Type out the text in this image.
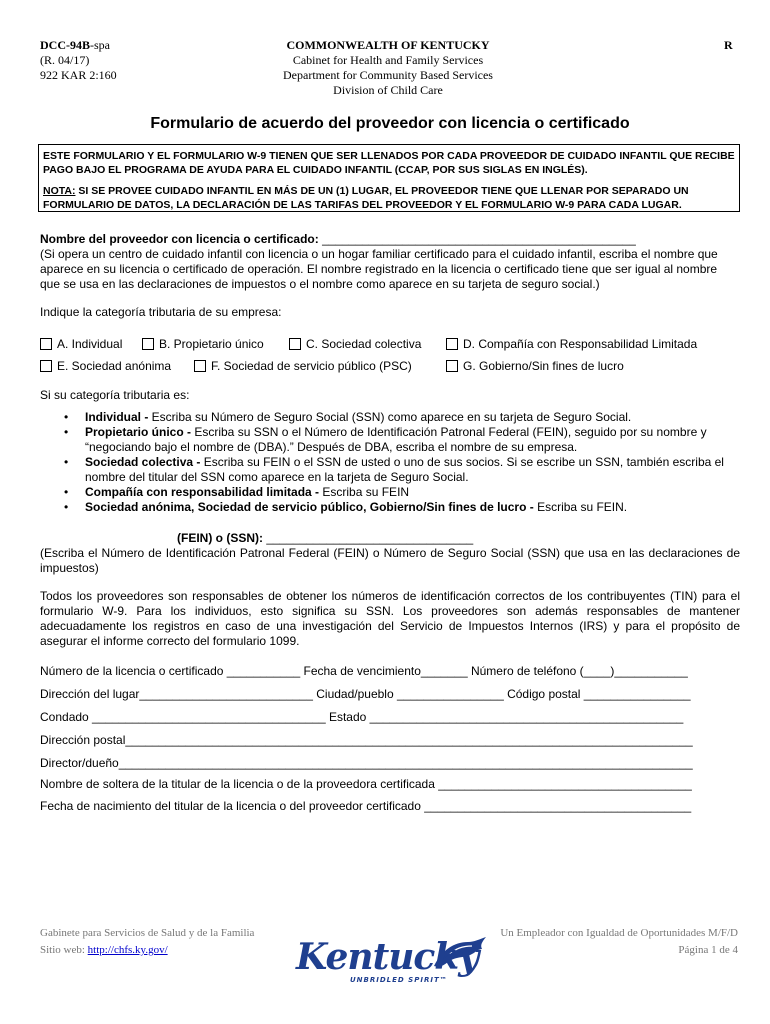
DCC-94B-spa
(R. 04/17)
922 KAR 2:160
COMMONWEALTH OF KENTUCKY
Cabinet for Health and Family Services
Department for Community Based Services
Division of Child Care
R
Formulario de acuerdo del proveedor con licencia o certificado

ESTE FORMULARIO Y EL FORMULARIO W-9 TIENEN QUE SER LLENADOS POR CADA PROVEEDOR DE CUIDADO INFANTIL QUE RECIBE PAGO BAJO EL PROGRAMA DE AYUDA PARA EL CUIDADO INFANTIL (CCAP, POR SUS SIGLAS EN INGLÉS).

NOTA: SI SE PROVEE CUIDADO INFANTIL EN MÁS DE UN (1) LUGAR, EL PROVEEDOR TIENE QUE LLENAR POR SEPARADO UN FORMULARIO DE DATOS, LA DECLARACIÓN DE LAS TARIFAS DEL PROVEEDOR Y EL FORMULARIO W-9 PARA CADA LUGAR.

Nombre del proveedor con licencia o certificado: _______________________________________________

(Si opera un centro de cuidado infantil con licencia o un hogar familiar certificado para el cuidado infantil, escriba el nombre que aparece en su licencia o certificado de operación. El nombre registrado en la licencia o certificado tiene que ser igual al nombre que se usa en las declaraciones de impuestos o el nombre como aparece en su tarjeta de seguro social.)

Indique la categoría tributaria de su empresa:
A. Individual	B. Propietario único	C. Sociedad colectiva	D. Compañía con Responsabilidad Limitada
E. Sociedad anónima	F. Sociedad de servicio público (PSC)	G. Gobierno/Sin fines de lucro
Si su categoría tributaria es:
• Individual - Escriba su Número de Seguro Social (SSN) como aparece en su tarjeta de Seguro Social.
• Propietario único - Escriba su SSN o el Número de Identificación Patronal Federal (FEIN), seguido por su nombre y “negociando bajo el nombre de (DBA).” Después de DBA, escriba el nombre de su empresa.
• Sociedad colectiva - Escriba su FEIN o el SSN de usted o uno de sus socios. Si se escribe un SSN, también escriba el nombre del titular del SSN como aparece en la tarjeta de Seguro Social.
• Compañía con responsabilidad limitada - Escriba su FEIN
• Sociedad anónima, Sociedad de servicio público, Gobierno/Sin fines de lucro - Escriba su FEIN.
(FEIN) o (SSN): _______________________________
(Escriba el Número de Identificación Patronal Federal (FEIN) o Número de Seguro Social (SSN) que usa en las declaraciones de impuestos)
Todos los proveedores son responsables de obtener los números de identificación correctos de los contribuyentes (TIN) para el formulario W-9. Para los individuos, esto significa su SSN. Los proveedores son además responsables de mantener adecuadamente los registros en caso de una investigación del Servicio de Impuestos Internos (IRS) y para el propósito de asegurar el informe correcto del formulario 1099.
Número de la licencia o certificado ___________ Fecha de vencimiento_______ Número de teléfono (____)___________
Dirección del lugar__________________________ Ciudad/pueblo ________________ Código postal ________________
Condado ___________________________________ Estado _______________________________________________
Dirección postal_____________________________________________________________________________________
Director/dueño______________________________________________________________________________________
Nombre de soltera de la titular de la licencia o de la proveedora certificada ______________________________________
Fecha de nacimiento del titular de la licencia o del proveedor certificado ________________________________________
Gabinete para Servicios de Salud y de la Familia
Sitio web: http://chfs.ky.gov/
Un Empleador con Igualdad de Oportunidades M/F/D
Página 1 de 4
Kentucky
UNBRIDLED SPIRIT™
